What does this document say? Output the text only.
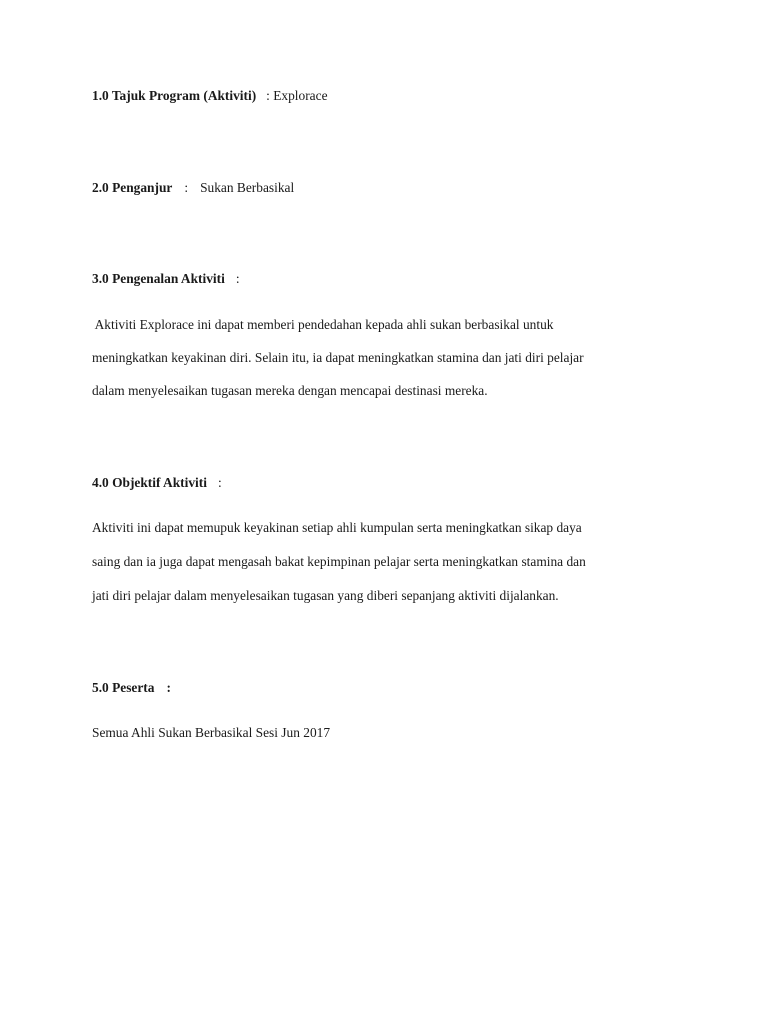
1.0 Tajuk Program (Aktiviti) : Explorace
2.0 Penganjur : Sukan Berbasikal
3.0 Pengenalan Aktiviti :
Aktiviti Explorace ini dapat memberi pendedahan kepada ahli sukan berbasikal untuk
meningkatkan keyakinan diri. Selain itu, ia dapat meningkatkan stamina dan jati diri pelajar
dalam menyelesaikan tugasan mereka dengan mencapai destinasi mereka.
4.0 Objektif Aktiviti :
Aktiviti ini dapat memupuk keyakinan setiap ahli kumpulan serta meningkatkan sikap daya
saing dan ia juga dapat mengasah bakat kepimpinan pelajar serta meningkatkan stamina dan
jati diri pelajar dalam menyelesaikan tugasan yang diberi sepanjang aktiviti dijalankan.
5.0 Peserta :
Semua Ahli Sukan Berbasikal Sesi Jun 2017
